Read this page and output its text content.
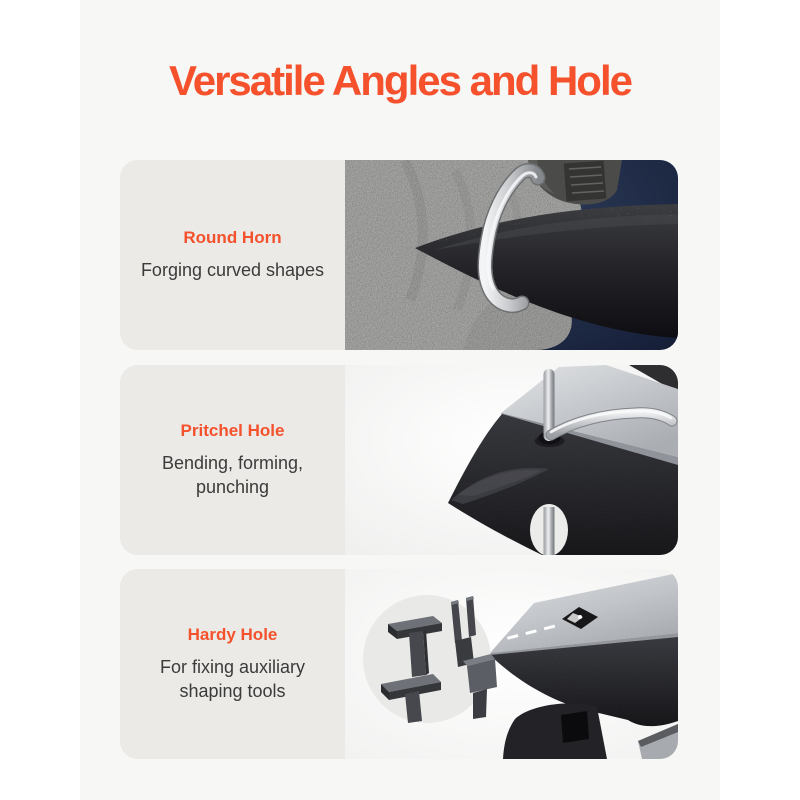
Versatile Angles and Hole
Round Horn

Forging curved shapes

Pritchel Hole

Bending, forming, punching

Hardy Hole

For fixing auxiliary shaping tools
